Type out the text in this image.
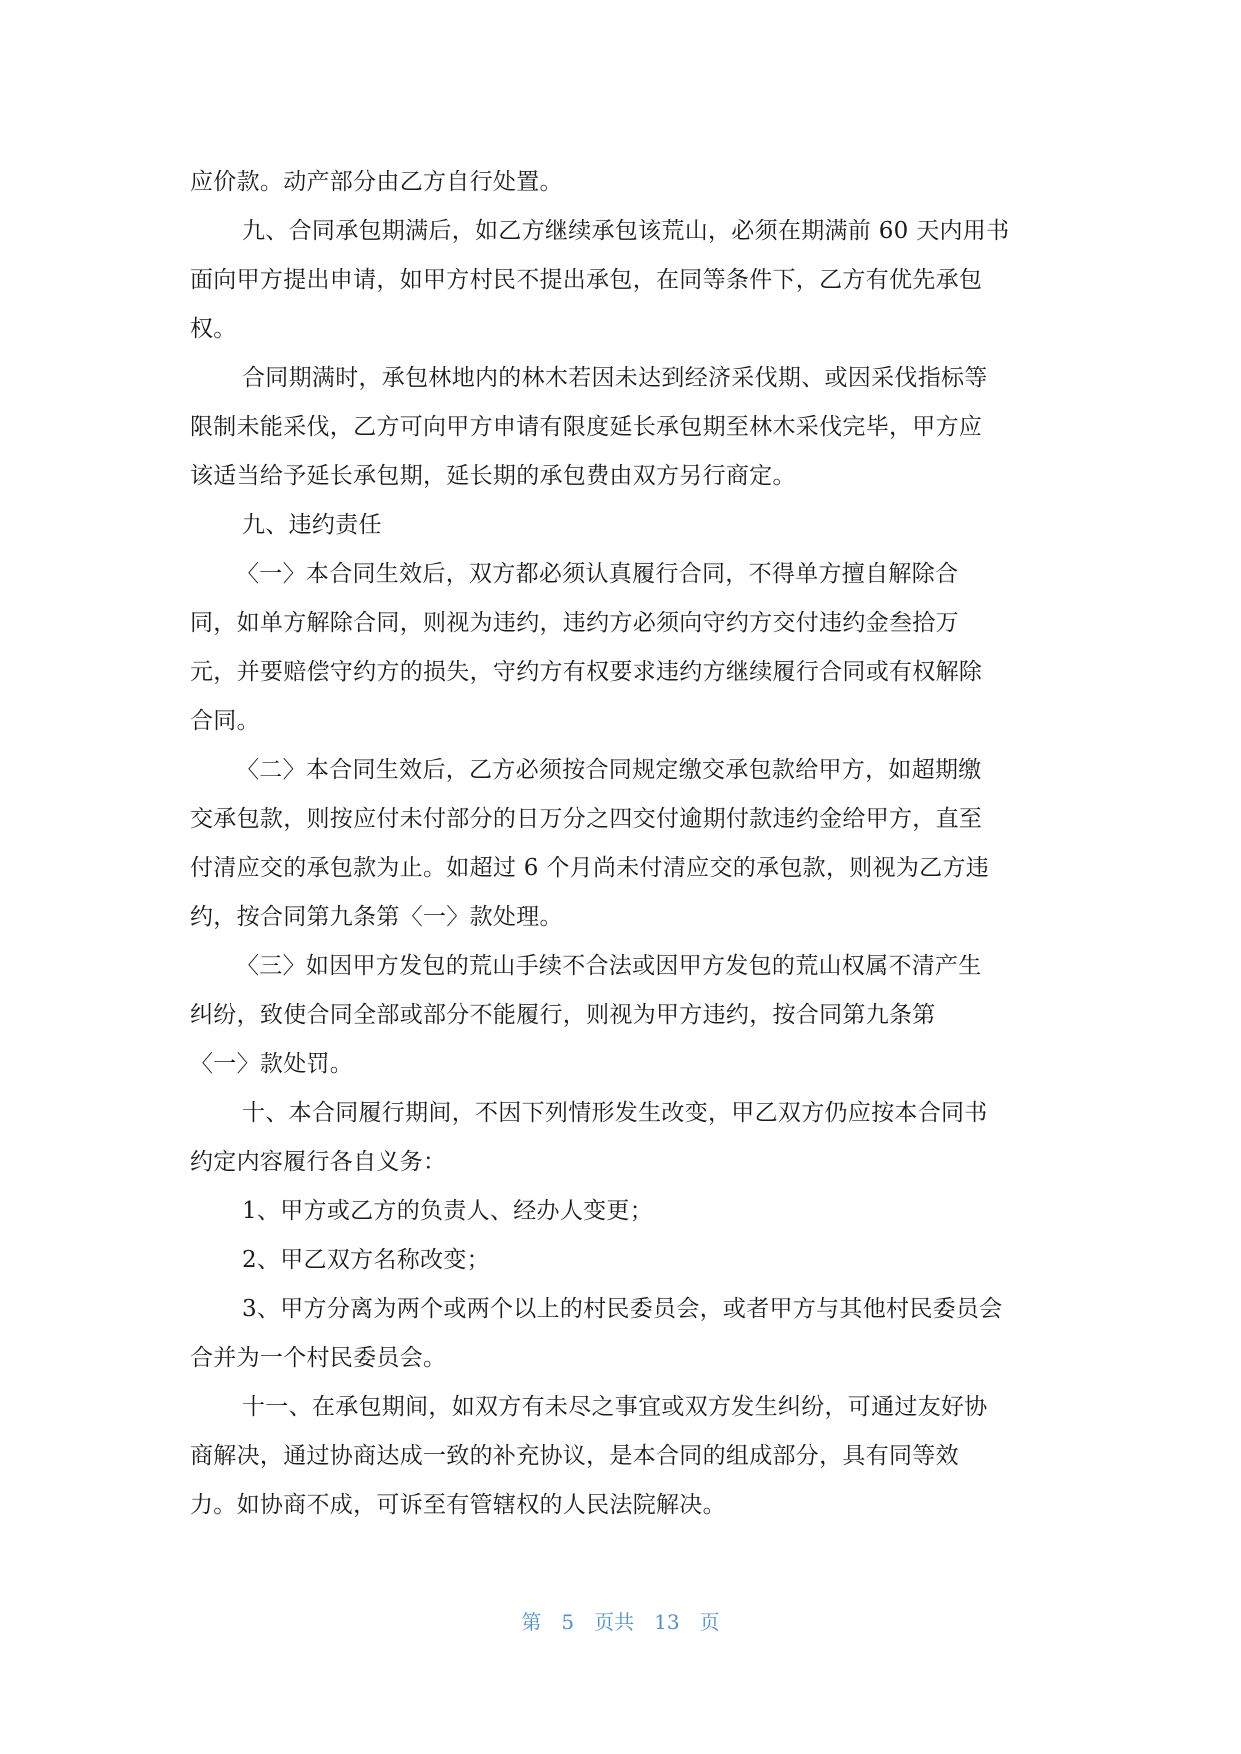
应价款。动产部分由乙方自行处置。
九、合同承包期满后，如乙方继续承包该荒山，必须在期满前 60 天内用书
面向甲方提出申请，如甲方村民不提出承包，在同等条件下，乙方有优先承包
权。
合同期满时，承包林地内的林木若因未达到经济采伐期、或因采伐指标等
限制未能采伐，乙方可向甲方申请有限度延长承包期至林木采伐完毕，甲方应
该适当给予延长承包期，延长期的承包费由双方另行商定。
九、违约责任
〈一〉本合同生效后，双方都必须认真履行合同，不得单方擅自解除合
同，如单方解除合同，则视为违约，违约方必须向守约方交付违约金叁拾万
元，并要赔偿守约方的损失，守约方有权要求违约方继续履行合同或有权解除
合同。
〈二〉本合同生效后，乙方必须按合同规定缴交承包款给甲方，如超期缴
交承包款，则按应付未付部分的日万分之四交付逾期付款违约金给甲方，直至
付清应交的承包款为止。如超过 6 个月尚未付清应交的承包款，则视为乙方违
约，按合同第九条第〈一〉款处理。
〈三〉如因甲方发包的荒山手续不合法或因甲方发包的荒山权属不清产生
纠纷，致使合同全部或部分不能履行，则视为甲方违约，按合同第九条第
〈一〉款处罚。
十、本合同履行期间，不因下列情形发生改变，甲乙双方仍应按本合同书
约定内容履行各自义务：
1、甲方或乙方的负责人、经办人变更；
2、甲乙双方名称改变；
3、甲方分离为两个或两个以上的村民委员会，或者甲方与其他村民委员会
合并为一个村民委员会。
十一、在承包期间，如双方有未尽之事宜或双方发生纠纷，可通过友好协
商解决，通过协商达成一致的补充协议，是本合同的组成部分，具有同等效
力。如协商不成，可诉至有管辖权的人民法院解决。
第 5 页共 13 页
